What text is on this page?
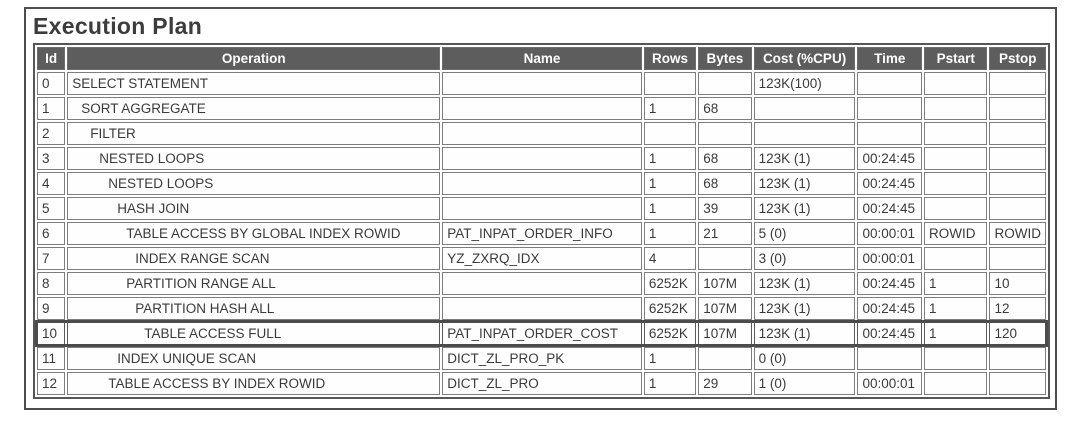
Execution Plan
Id	Operation	Name	Rows	Bytes	Cost (%CPU)	Time	Pstart	Pstop
0	SELECT STATEMENT				123K(100)			
1	SORT AGGREGATE		1	68				
2	FILTER							
3	NESTED LOOPS		1	68	123K (1)	00:24:45		
4	NESTED LOOPS		1	68	123K (1)	00:24:45		
5	HASH JOIN		1	39	123K (1)	00:24:45		
6	TABLE ACCESS BY GLOBAL INDEX ROWID	PAT_INPAT_ORDER_INFO	1	21	5 (0)	00:00:01	ROWID	ROWID
7	INDEX RANGE SCAN	YZ_ZXRQ_IDX	4		3 (0)	00:00:01		
8	PARTITION RANGE ALL		6252K	107M	123K (1)	00:24:45	1	10
9	PARTITION HASH ALL		6252K	107M	123K (1)	00:24:45	1	12
10	TABLE ACCESS FULL	PAT_INPAT_ORDER_COST	6252K	107M	123K (1)	00:24:45	1	120
11	INDEX UNIQUE SCAN	DICT_ZL_PRO_PK	1		0 (0)			
12	TABLE ACCESS BY INDEX ROWID	DICT_ZL_PRO	1	29	1 (0)	00:00:01		
